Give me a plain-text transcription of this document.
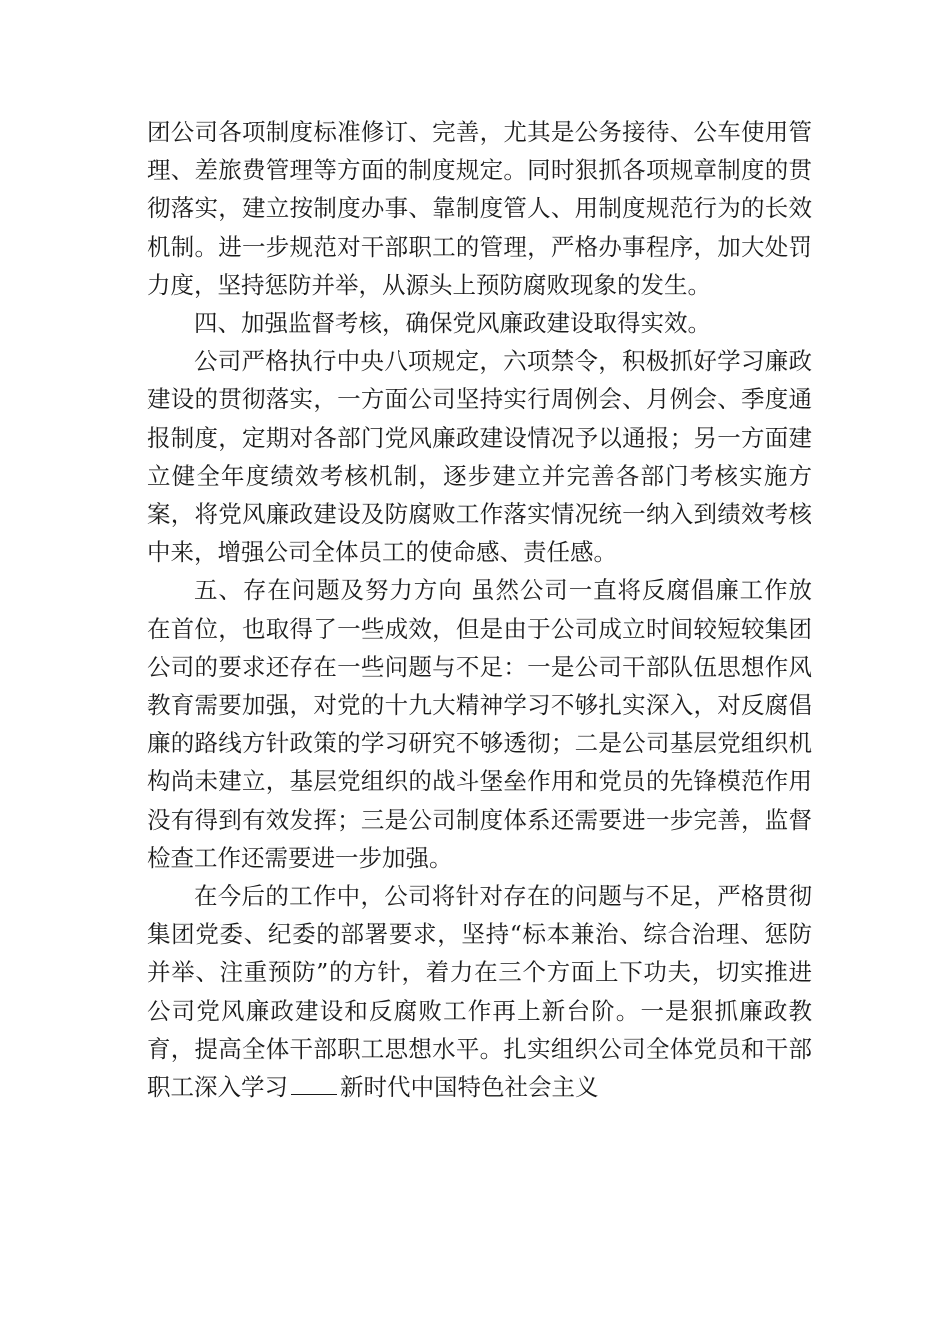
团公司各项制度标准修订、完善，尤其是公务接待、公车使用管理、差旅费管理等方面的制度规定。同时狠抓各项规章制度的贯彻落实，建立按制度办事、靠制度管人、用制度规范行为的长效机制。进一步规范对干部职工的管理，严格办事程序，加大处罚力度，坚持惩防并举，从源头上预防腐败现象的发生。

四、加强监督考核，确保党风廉政建设取得实效。

公司严格执行中央八项规定，六项禁令，积极抓好学习廉政建设的贯彻落实，一方面公司坚持实行周例会、月例会、季度通报制度，定期对各部门党风廉政建设情况予以通报；另一方面建立健全年度绩效考核机制，逐步建立并完善各部门考核实施方案，将党风廉政建设及防腐败工作落实情况统一纳入到绩效考核中来，增强公司全体员工的使命感、责任感。

五、存在问题及努力方向 虽然公司一直将反腐倡廉工作放在首位，也取得了一些成效，但是由于公司成立时间较短较集团公司的要求还存在一些问题与不足：一是公司干部队伍思想作风教育需要加强，对党的十九大精神学习不够扎实深入，对反腐倡廉的路线方针政策的学习研究不够透彻；二是公司基层党组织机构尚未建立，基层党组织的战斗堡垒作用和党员的先锋模范作用没有得到有效发挥；三是公司制度体系还需要进一步完善，监督检查工作还需要进一步加强。

在今后的工作中，公司将针对存在的问题与不足，严格贯彻集团党委、纪委的部署要求，坚持“标本兼治、综合治理、惩防并举、注重预防”的方针，着力在三个方面上下功夫，切实推进公司党风廉政建设和反腐败工作再上新台阶。一是狠抓廉政教育，提高全体干部职工思想水平。扎实组织公司全体党员和干部职工深入学习 新时代中国特色社会主义
